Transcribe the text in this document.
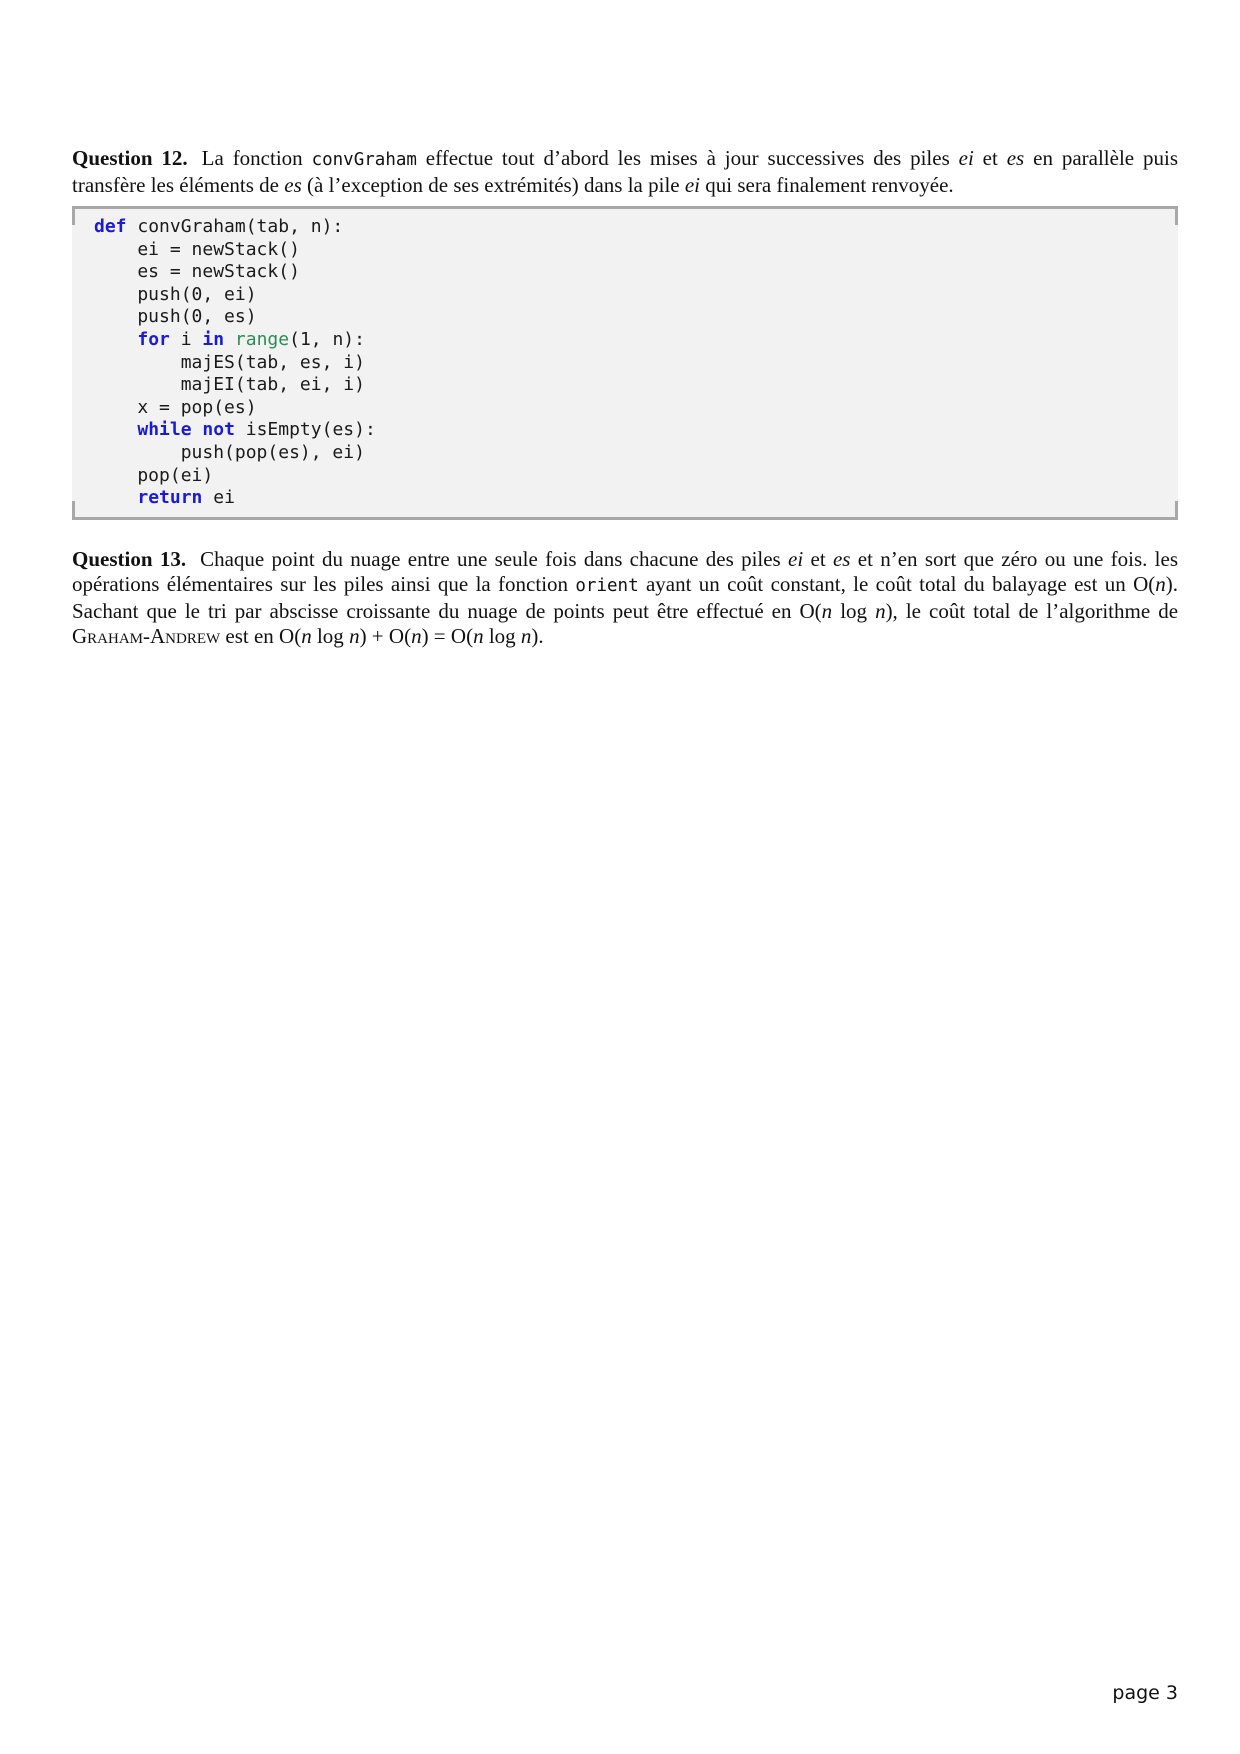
Question 12. La fonction convGraham effectue tout d’abord les mises à jour successives des piles ei et es en parallèle puis transfère les éléments de es (à l’exception de ses extrémités) dans la pile ei qui sera finalement renvoyée.

def convGraham(tab, n):
ei = newStack()
es = newStack()
push(0, ei)
push(0, es)
for i in range(1, n):
majES(tab, es, i)
majEI(tab, ei, i)
x = pop(es)
while not isEmpty(es):
push(pop(es), ei)
pop(ei)
return ei

Question 13. Chaque point du nuage entre une seule fois dans chacune des piles ei et es et n’en sort que zéro ou une fois. les opérations élémentaires sur les piles ainsi que la fonction orient ayant un coût constant, le coût total du balayage est un O(n). Sachant que le tri par abscisse croissante du nuage de points peut être effectué en O(n log n), le coût total de l’algorithme de Graham-Andrew est en O(n log n) + O(n) = O(n log n).

page 3
